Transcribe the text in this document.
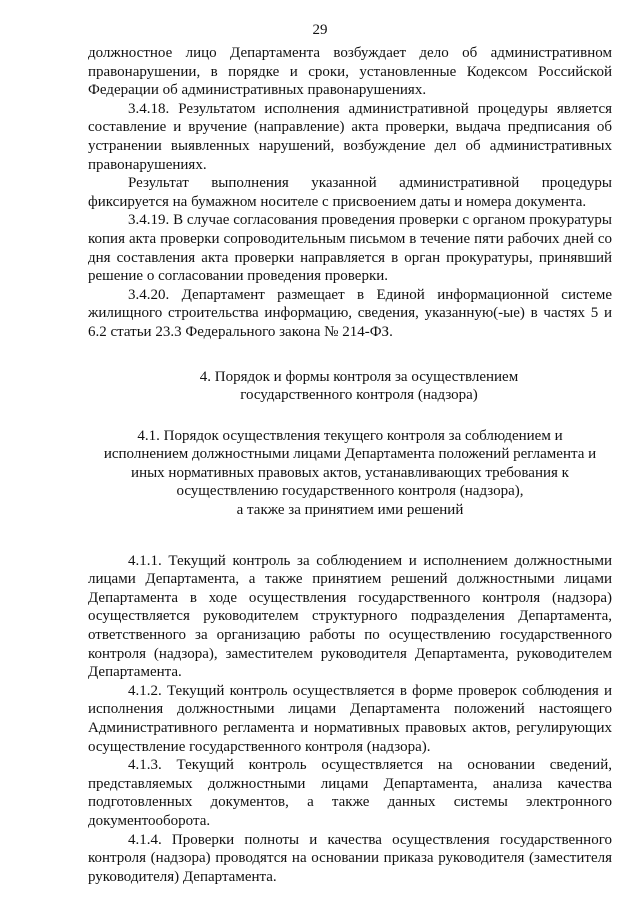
29

должностное лицо Департамента возбуждает дело об административном правонарушении, в порядке и сроки, установленные Кодексом Российской Федерации об административных правонарушениях.

3.4.18. Результатом исполнения административной процедуры является составление и вручение (направление) акта проверки, выдача предписания об устранении выявленных нарушений, возбуждение дел об административных правонарушениях.

Результат выполнения указанной административной процедуры фиксируется на бумажном носителе с присвоением даты и номера документа.

3.4.19. В случае согласования проведения проверки с органом прокуратуры копия акта проверки сопроводительным письмом в течение пяти рабочих дней со дня составления акта проверки направляется в орган прокуратуры, принявший решение о согласовании проведения проверки.

3.4.20. Департамент размещает в Единой информационной системе жилищного строительства информацию, сведения, указанную(-ые) в частях 5 и 6.2 статьи 23.3 Федерального закона № 214-ФЗ.

4. Порядок и формы контроля за осуществлением
государственного контроля (надзора)
4.1. Порядок осуществления текущего контроля за соблюдением и
исполнением должностными лицами Департамента положений регламента и
иных нормативных правовых актов, устанавливающих требования к
осуществлению государственного контроля (надзора),
а также за принятием ими решений

4.1.1. Текущий контроль за соблюдением и исполнением должностными лицами Департамента, а также принятием решений должностными лицами Департамента в ходе осуществления государственного контроля (надзора) осуществляется руководителем структурного подразделения Департамента, ответственного за организацию работы по осуществлению государственного контроля (надзора), заместителем руководителя Департамента, руководителем Департамента.

4.1.2. Текущий контроль осуществляется в форме проверок соблюдения и исполнения должностными лицами Департамента положений настоящего Административного регламента и нормативных правовых актов, регулирующих осуществление государственного контроля (надзора).

4.1.3. Текущий контроль осуществляется на основании сведений, представляемых должностными лицами Департамента, анализа качества подготовленных документов, а также данных системы электронного документооборота.

4.1.4. Проверки полноты и качества осуществления государственного контроля (надзора) проводятся на основании приказа руководителя (заместителя руководителя) Департамента.
